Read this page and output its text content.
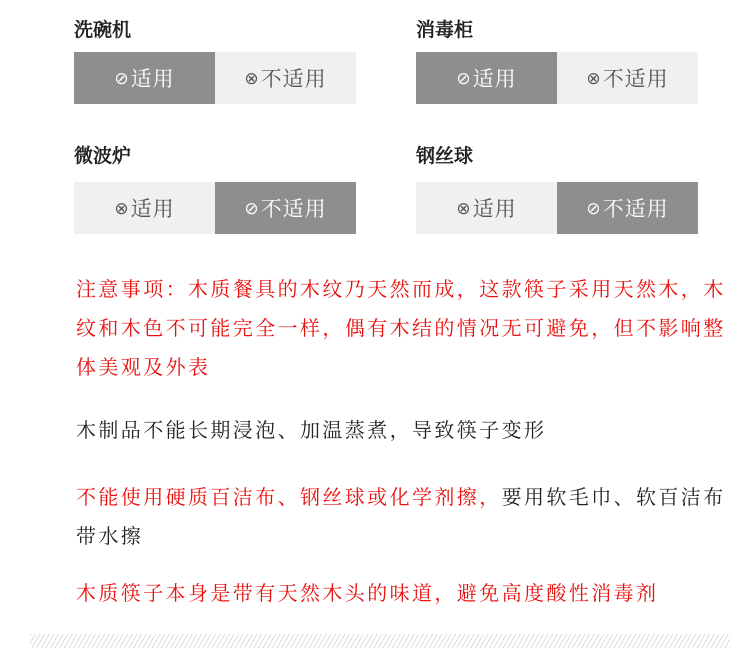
洗碗机
⊘ 适用	⊗ 不适用
消毒柜
⊘ 适用	⊗ 不适用
微波炉
⊗ 适用	⊘ 不适用
钢丝球
⊗ 适用	⊘ 不适用

注意事项：木质餐具的木纹乃天然而成，这款筷子采用天然木，木纹和木色不可能完全一样，偶有木结的情况无可避免，但不影响整体美观及外表

木制品不能长期浸泡、加温蒸煮，导致筷子变形

不能使用硬质百洁布、钢丝球或化学剂擦，要用软毛巾、软百洁布带水擦

木质筷子本身是带有天然木头的味道，避免高度酸性消毒剂
